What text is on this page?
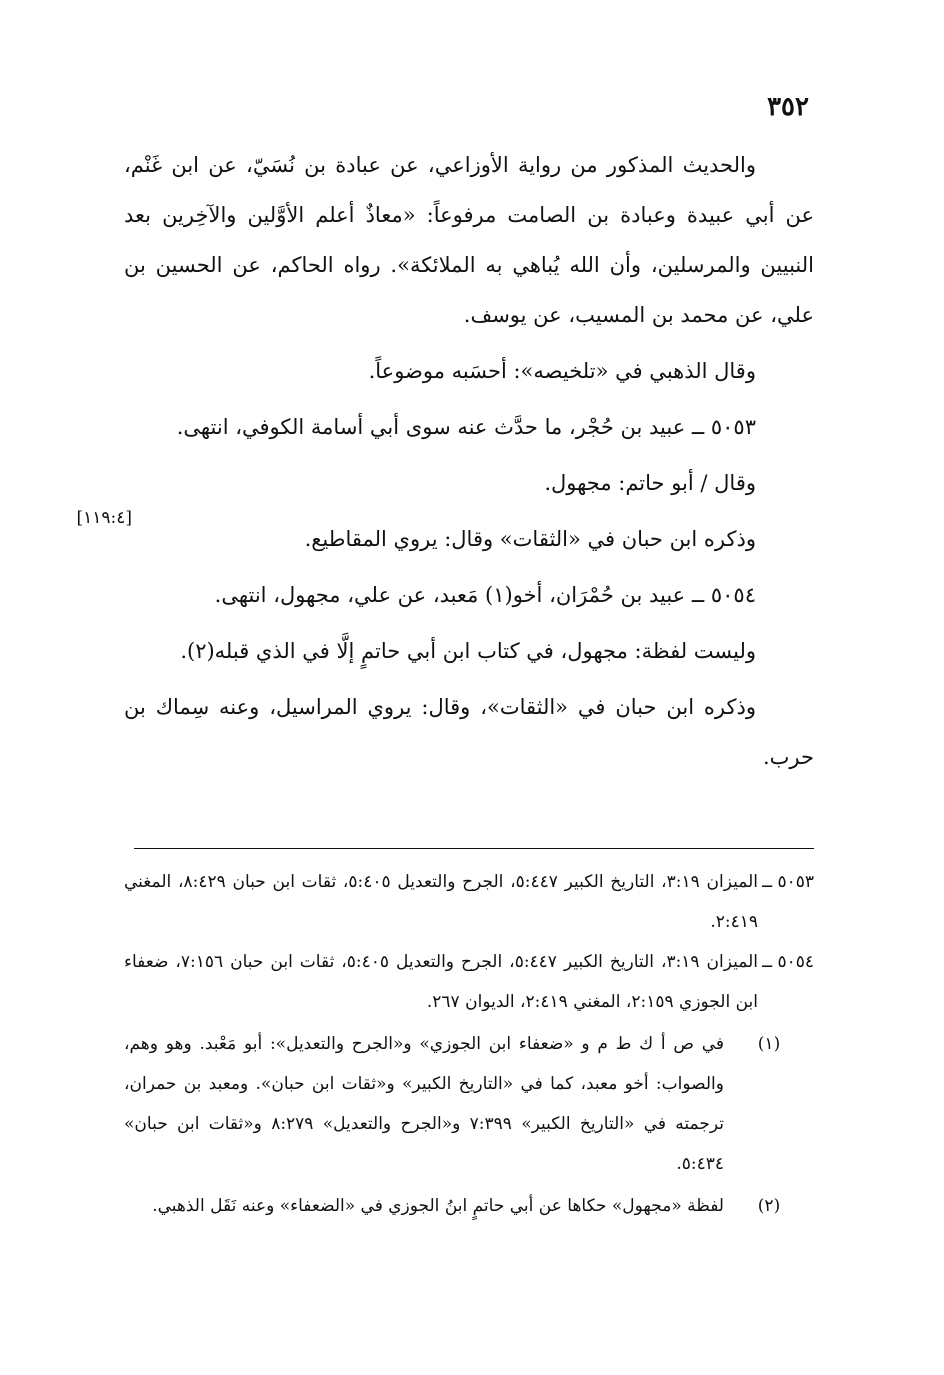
٣٥٢
[١١٩:٤]

والحديث المذكور من رواية الأوزاعي، عن عبادة بن نُسَيّ، عن ابن غَنْم، عن أبي عبيدة وعبادة بن الصامت مرفوعاً: «معاذٌ أعلم الأوَّلين والآخِرين بعد النبيين والمرسلين، وأن الله يُباهي به الملائكة». رواه الحاكم، عن الحسين بن علي، عن محمد بن المسيب، عن يوسف.

وقال الذهبي في «تلخيصه»: أحسَبه موضوعاً.

٥٠٥٣ ــ عبيد بن حُجْر، ما حدَّث عنه سوى أبي أسامة الكوفي، انتهى.

وقال / أبو حاتم: مجهول.

وذكره ابن حبان في «الثقات» وقال: يروي المقاطيع.

٥٠٥٤ ــ عبيد بن حُمْرَان، أخو(١) مَعبد، عن علي، مجهول، انتهى.

وليست لفظة: مجهول، في كتاب ابن أبي حاتمٍ إلَّا في الذي قبله(٢).

وذكره ابن حبان في «الثقات»، وقال: يروي المراسيل، وعنه سِماك بن حرب.

٥٠٥٣ ــ
الميزان ٣:١٩، التاريخ الكبير ٥:٤٤٧، الجرح والتعديل ٥:٤٠٥، ثقات ابن حبان ٨:٤٢٩، المغني ٢:٤١٩.
٥٠٥٤ ــ
الميزان ٣:١٩، التاريخ الكبير ٥:٤٤٧، الجرح والتعديل ٥:٤٠٥، ثقات ابن حبان ٧:١٥٦، ضعفاء ابن الجوزي ٢:١٥٩، المغني ٢:٤١٩، الديوان ٢٦٧.
(١)
في ص أ ك ط م و «ضعفاء ابن الجوزي» و«الجرح والتعديل»: أبو مَعْبد. وهو وهم، والصواب: أخو معبد، كما في «التاريخ الكبير» و«ثقات ابن حبان». ومعبد بن حمران، ترجمته في «التاريخ الكبير» ٧:٣٩٩ و«الجرح والتعديل» ٨:٢٧٩ و«ثقات ابن حبان» ٥:٤٣٤.
(٢)
لفظة «مجهول» حكاها عن أبي حاتمٍ ابنُ الجوزي في «الضعفاء» وعنه نَقَل الذهبي.
